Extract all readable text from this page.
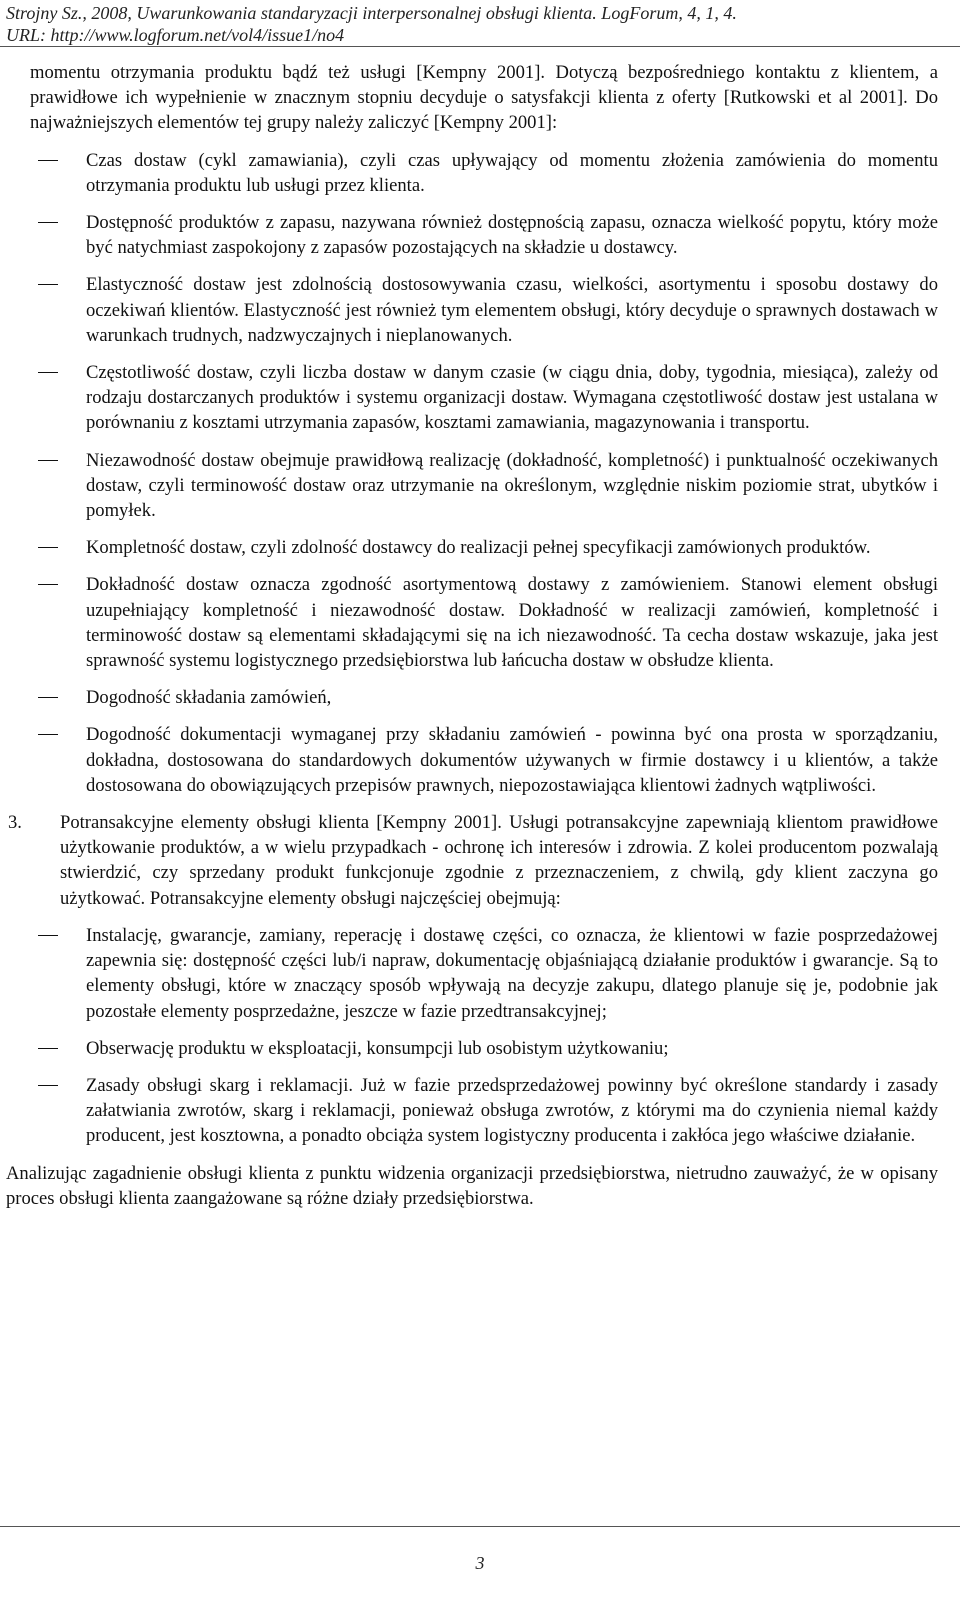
Strojny Sz., 2008, Uwarunkowania standaryzacji interpersonalnej obsługi klienta. LogForum, 4, 1, 4.
URL: http://www.logforum.net/vol4/issue1/no4

momentu otrzymania produktu bądź też usługi [Kempny 2001]. Dotyczą bezpośredniego kontaktu z klientem, a prawidłowe ich wypełnienie w znacznym stopniu decyduje o satysfakcji klienta z oferty [Rutkowski et al 2001]. Do najważniejszych elementów tej grupy należy zaliczyć [Kempny 2001]:

Czas dostaw (cykl zamawiania), czyli czas upływający od momentu złożenia zamówienia do momentu otrzymania produktu lub usługi przez klienta.
Dostępność produktów z zapasu, nazywana również dostępnością zapasu, oznacza wielkość popytu, który może być natychmiast zaspokojony z zapasów pozostających na składzie u dostawcy.
Elastyczność dostaw jest zdolnością dostosowywania czasu, wielkości, asortymentu i sposobu dostawy do oczekiwań klientów. Elastyczność jest również tym elementem obsługi, który decyduje o sprawnych dostawach w warunkach trudnych, nadzwyczajnych i nieplanowanych.
Częstotliwość dostaw, czyli liczba dostaw w danym czasie (w ciągu dnia, doby, tygodnia, miesiąca), zależy od rodzaju dostarczanych produktów i systemu organizacji dostaw. Wymagana częstotliwość dostaw jest ustalana w porównaniu z kosztami utrzymania zapasów, kosztami zamawiania, magazynowania i transportu.
Niezawodność dostaw obejmuje prawidłową realizację (dokładność, kompletność) i punktualność oczekiwanych dostaw, czyli terminowość dostaw oraz utrzymanie na określonym, względnie niskim poziomie strat, ubytków i pomyłek.
Kompletność dostaw, czyli zdolność dostawcy do realizacji pełnej specyfikacji zamówionych produktów.
Dokładność dostaw oznacza zgodność asortymentową dostawy z zamówieniem. Stanowi element obsługi uzupełniający kompletność i niezawodność dostaw. Dokładność w realizacji zamówień, kompletność i terminowość dostaw są elementami składającymi się na ich niezawodność. Ta cecha dostaw wskazuje, jaka jest sprawność systemu logistycznego przedsiębiorstwa lub łańcucha dostaw w obsłudze klienta.
Dogodność składania zamówień,
Dogodność dokumentacji wymaganej przy składaniu zamówień - powinna być ona prosta w sporządzaniu, dokładna, dostosowana do standardowych dokumentów używanych w firmie dostawcy i u klientów, a także dostosowana do obowiązujących przepisów prawnych, niepozostawiająca klientowi żadnych wątpliwości.

3. Potransakcyjne elementy obsługi klienta [Kempny 2001]. Usługi potransakcyjne zapewniają klientom prawidłowe użytkowanie produktów, a w wielu przypadkach - ochronę ich interesów i zdrowia. Z kolei producentom pozwalają stwierdzić, czy sprzedany produkt funkcjonuje zgodnie z przeznaczeniem, z chwilą, gdy klient zaczyna go użytkować. Potransakcyjne elementy obsługi najczęściej obejmują:

Instalację, gwarancje, zamiany, reperację i dostawę części, co oznacza, że klientowi w fazie posprzedażowej zapewnia się: dostępność części lub/i napraw, dokumentację objaśniającą działanie produktów i gwarancje. Są to elementy obsługi, które w znaczący sposób wpływają na decyzje zakupu, dlatego planuje się je, podobnie jak pozostałe elementy posprzedażne, jeszcze w fazie przedtransakcyjnej;
Obserwację produktu w eksploatacji, konsumpcji lub osobistym użytkowaniu;
Zasady obsługi skarg i reklamacji. Już w fazie przedsprzedażowej powinny być określone standardy i zasady załatwiania zwrotów, skarg i reklamacji, ponieważ obsługa zwrotów, z którymi ma do czynienia niemal każdy producent, jest kosztowna, a ponadto obciąża system logistyczny producenta i zakłóca jego właściwe działanie.

Analizując zagadnienie obsługi klienta z punktu widzenia organizacji przedsiębiorstwa, nietrudno zauważyć, że w opisany proces obsługi klienta zaangażowane są różne działy przedsiębiorstwa.

3
